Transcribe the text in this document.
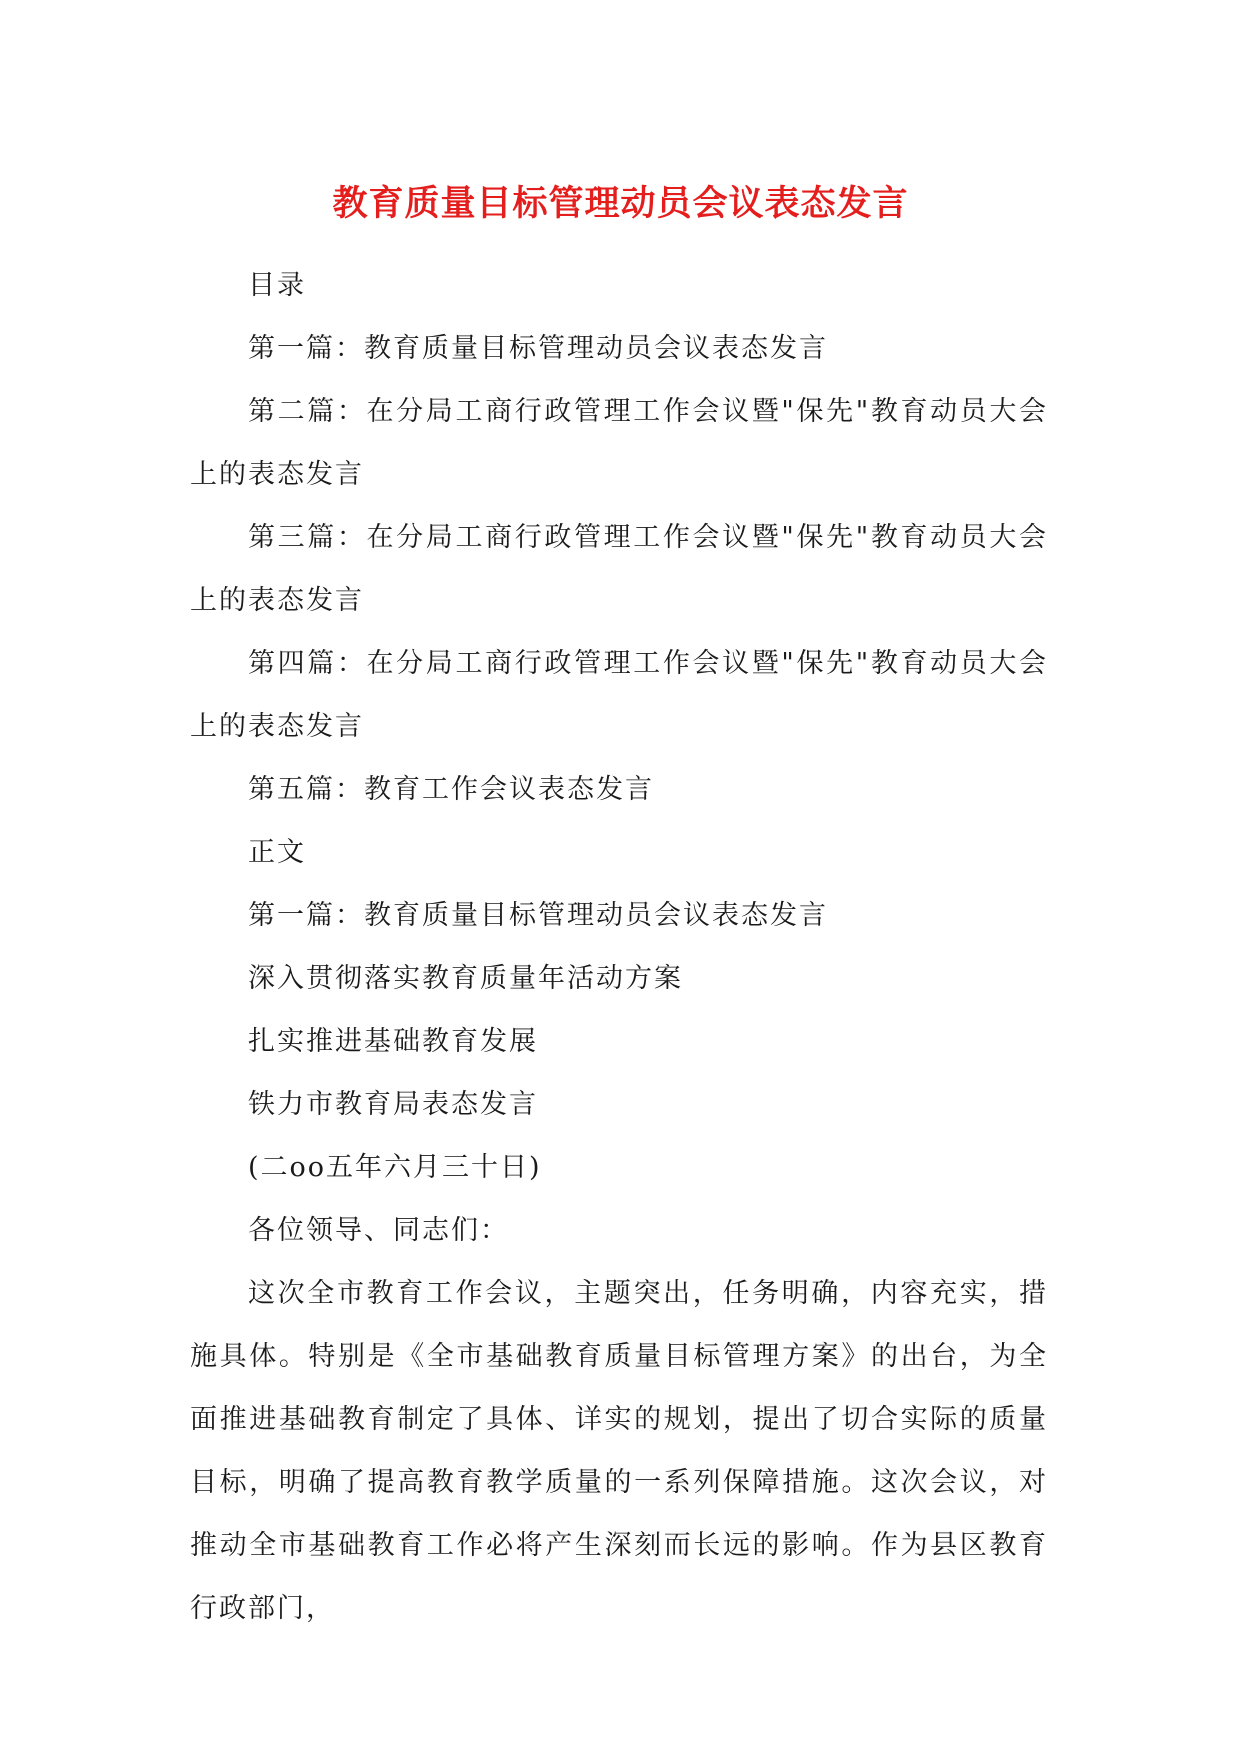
教育质量目标管理动员会议表态发言

目录

第一篇：教育质量目标管理动员会议表态发言

第二篇：在分局工商行政管理工作会议暨"保先"教育动员大会上的表态发言

第三篇：在分局工商行政管理工作会议暨"保先"教育动员大会上的表态发言

第四篇：在分局工商行政管理工作会议暨"保先"教育动员大会上的表态发言

第五篇：教育工作会议表态发言

正文

第一篇：教育质量目标管理动员会议表态发言

深入贯彻落实教育质量年活动方案

扎实推进基础教育发展

铁力市教育局表态发言

(二oo五年六月三十日)

各位领导、同志们：

这次全市教育工作会议，主题突出，任务明确，内容充实，措施具体。特别是《全市基础教育质量目标管理方案》的出台，为全面推进基础教育制定了具体、详实的规划，提出了切合实际的质量目标，明确了提高教育教学质量的一系列保障措施。这次会议，对推动全市基础教育工作必将产生深刻而长远的影响。作为县区教育行政部门，
